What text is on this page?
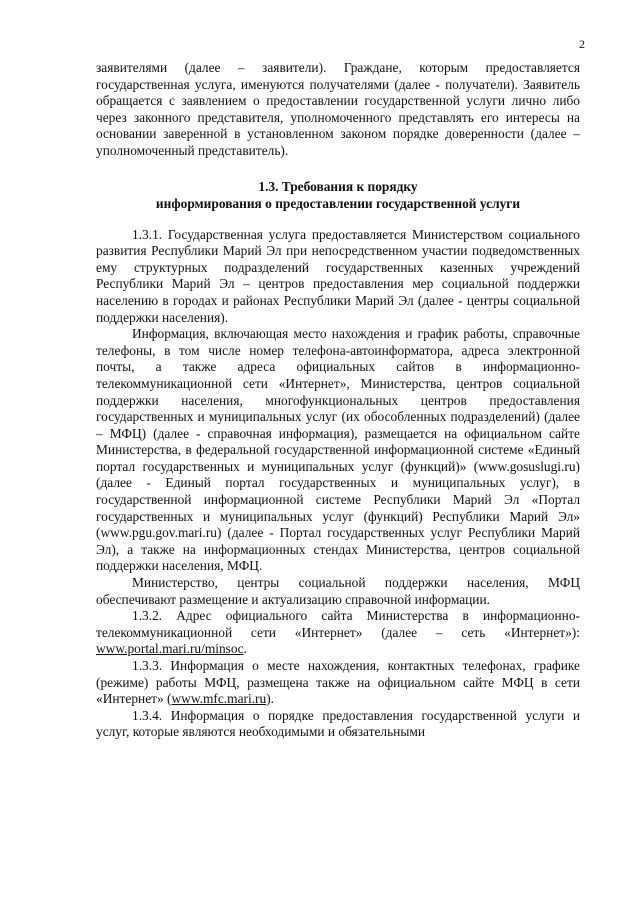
2

заявителями (далее – заявители). Граждане, которым предоставляется государственная услуга, именуются получателями (далее - получатели). Заявитель обращается с заявлением о предоставлении государственной услуги лично либо через законного представителя, уполномоченного представлять его интересы на основании заверенной в установленном законом порядке доверенности (далее – уполномоченный представитель).

1.3. Требования к порядку
информирования о предоставлении государственной услуги

1.3.1. Государственная услуга предоставляется Министерством социального развития Республики Марий Эл при непосредственном участии подведомственных ему структурных подразделений государственных казенных учреждений Республики Марий Эл – центров предоставления мер социальной поддержки населению в городах и районах Республики Марий Эл (далее - центры социальной поддержки населения).

Информация, включающая место нахождения и график работы, справочные телефоны, в том числе номер телефона-автоинформатора, адреса электронной почты, а также адреса официальных сайтов в информационно-телекоммуникационной сети «Интернет», Министерства, центров социальной поддержки населения, многофункциональных центров предоставления государственных и муниципальных услуг (их обособленных подразделений) (далее – МФЦ) (далее - справочная информация), размещается на официальном сайте Министерства, в федеральной государственной информационной системе «Единый портал государственных и муниципальных услуг (функций)» (www.gosuslugi.ru) (далее - Единый портал государственных и муниципальных услуг), в государственной информационной системе Республики Марий Эл «Портал государственных и муниципальных услуг (функций) Республики Марий Эл» (www.pgu.gov.mari.ru) (далее - Портал государственных услуг Республики Марий Эл), а также на информационных стендах Министерства, центров социальной поддержки населения, МФЦ.

Министерство, центры социальной поддержки населения, МФЦ обеспечивают размещение и актуализацию справочной информации.

1.3.2. Адрес официального сайта Министерства в информационно-телекоммуникационной сети «Интернет» (далее – сеть «Интернет»): www.portal.mari.ru/minsoc.

1.3.3. Информация о месте нахождения, контактных телефонах, графике (режиме) работы МФЦ, размещена также на официальном сайте МФЦ в сети «Интернет» (www.mfc.mari.ru).

1.3.4. Информация о порядке предоставления государственной услуги и услуг, которые являются необходимыми и обязательными
